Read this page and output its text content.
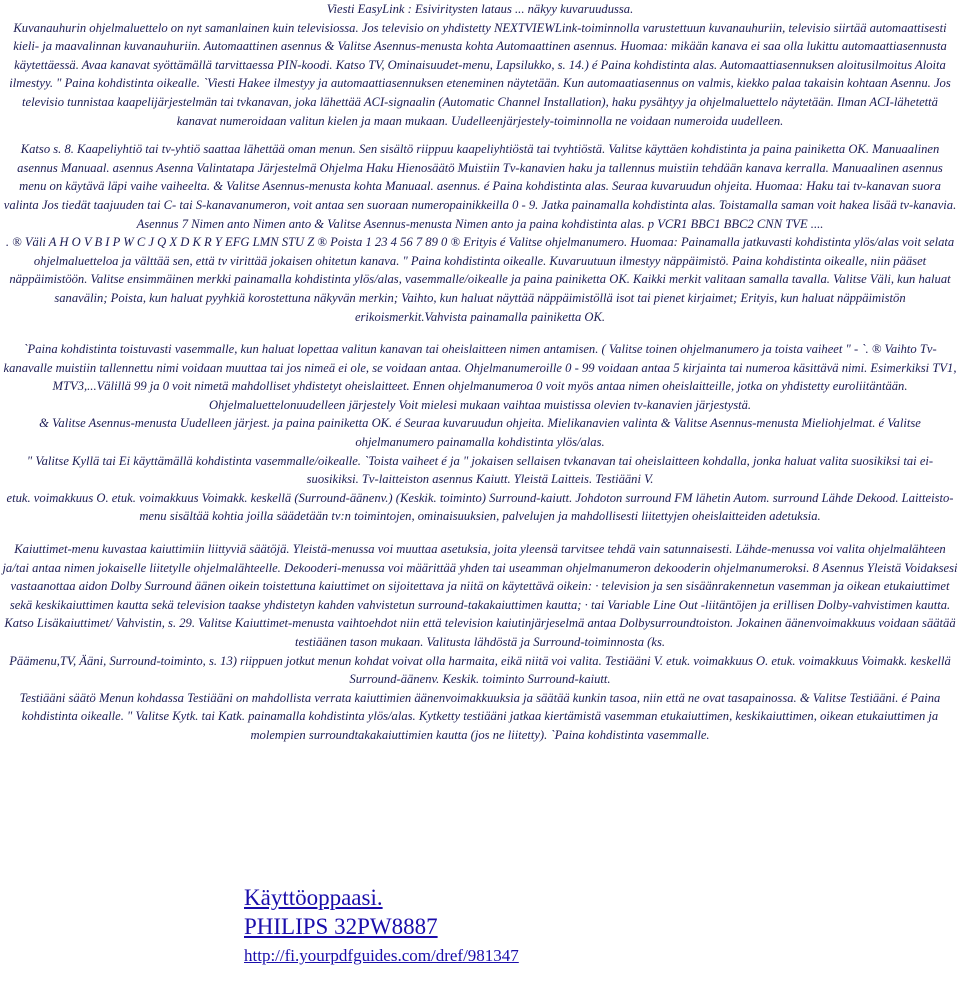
Viesti EasyLink : Esiviritysten lataus ... näkyy kuvaruudussa.

Kuvanauhurin ohjelmaluettelo on nyt samanlainen kuin televisiossa. Jos televisio on yhdistetty NEXTVIEWLink-toiminnolla varustettuun kuvanauhuriin, televisio siirtää automaattisesti kieli- ja maavalinnan kuvanauhuriin. Automaattinen asennus & Valitse Asennus-menusta kohta Automaattinen asennus. Huomaa: mikään kanava ei saa olla lukittu automaattiasennusta käytettäessä. Avaa kanavat syöttämällä tarvittaessa PIN-koodi. Katso TV, Ominaisuudet-menu, Lapsilukko, s. 14.) é Paina kohdistinta alas. Automaattiasennuksen aloitusilmoitus Aloita ilmestyy. " Paina kohdistinta oikealle. `Viesti Hakee ilmestyy ja automaattiasennuksen eteneminen näytetään. Kun automaatiasennus on valmis, kiekko palaa takaisin kohtaan Asennu. Jos televisio tunnistaa kaapelijärjestelmän tai tvkanavan, joka lähettää ACI-signaalin (Automatic Channel Installation), haku pysähtyy ja ohjelmaluettelo näytetään. Ilman ACI-lähetettä kanavat numeroidaan valitun kielen ja maan mukaan. Uudelleenjärjestely-toiminnolla ne voidaan numeroida uudelleen.

Katso s. 8. Kaapeliyhtiö tai tv-yhtiö saattaa lähettää oman menun. Sen sisältö riippuu kaapeliyhtiöstä tai tvyhtiöstä. Valitse käyttäen kohdistinta ja paina painiketta OK. Manuaalinen asennus Manuaal. asennus Asenna Valintatapa Järjestelmä Ohjelma Haku Hienosäätö Muistiin Tv-kanavien haku ja tallennus muistiin tehdään kanava kerralla. Manuaalinen asennus menu on käytävä läpi vaihe vaiheelta. & Valitse Asennus-menusta kohta Manuaal. asennus. é Paina kohdistinta alas. Seuraa kuvaruudun ohjeita. Huomaa: Haku tai tv-kanavan suora valinta Jos tiedät taajuuden tai C- tai S-kanavanumeron, voit antaa sen suoraan numeropainikkeilla 0 - 9. Jatka painamalla kohdistinta alas. Toistamalla saman voit hakea lisää tv-kanavia.

Asennus 7 Nimen anto Nimen anto & Valitse Asennus-menusta Nimen anto ja paina kohdistinta alas. p VCR1 BBC1 BBC2 CNN TVE ....

. ® Väli A H O V B I P W C J Q X D K R Y EFG LMN STU Z ® Poista 1 23 4 56 7 89 0 ® Erityis é Valitse ohjelmanumero. Huomaa: Painamalla jatkuvasti kohdistinta ylös/alas voit selata ohjelmaluetteloa ja välttää sen, että tv virittää jokaisen ohitetun kanava. " Paina kohdistinta oikealle. Kuvaruutuun ilmestyy näppäimistö. Paina kohdistinta oikealle, niin pääset näppäimistöön. Valitse ensimmäinen merkki painamalla kohdistinta ylös/alas, vasemmalle/oikealle ja paina painiketta OK. Kaikki merkit valitaan samalla tavalla. Valitse Väli, kun haluat sanavälin; Poista, kun haluat pyyhkiä korostettuna näkyvän merkin; Vaihto, kun haluat näyttää näppäimistöllä isot tai pienet kirjaimet; Erityis, kun haluat näppäimistön erikoismerkit.Vahvista painamalla painiketta OK.

`Paina kohdistinta toistuvasti vasemmalle, kun haluat lopettaa valitun kanavan tai oheislaitteen nimen antamisen. ( Valitse toinen ohjelmanumero ja toista vaiheet " - `. ® Vaihto Tv-kanavalle muistiin tallennettu nimi voidaan muuttaa tai jos nimeä ei ole, se voidaan antaa. Ohjelmanumeroille 0 - 99 voidaan antaa 5 kirjainta tai numeroa käsittävä nimi. Esimerkiksi TV1, MTV3,...Välillä 99 ja 0 voit nimetä mahdolliset yhdistetyt oheislaitteet. Ennen ohjelmanumeroa 0 voit myös antaa nimen oheislaitteille, jotka on yhdistetty euroliitäntään. Ohjelmaluettelonuudelleen järjestely Voit mielesi mukaan vaihtaa muistissa olevien tv-kanavien järjestystä.

& Valitse Asennus-menusta Uudelleen järjest. ja paina painiketta OK. é Seuraa kuvaruudun ohjeita. Mielikanavien valinta & Valitse Asennus-menusta Mieliohjelmat. é Valitse ohjelmanumero painamalla kohdistinta ylös/alas.

" Valitse Kyllä tai Ei käyttämällä kohdistinta vasemmalle/oikealle. `Toista vaiheet é ja " jokaisen sellaisen tvkanavan tai oheislaitteen kohdalla, jonka haluat valita suosikiksi tai ei-suosikiksi. Tv-laitteiston asennus Kaiutt. Yleistä Laitteis. Testiääni V.

etuk. voimakkuus O. etuk. voimakkuus Voimakk. keskellä (Surround-äänenv.) (Keskik. toiminto) Surround-kaiutt. Johdoton surround FM lähetin Autom. surround Lähde Dekood. Laitteisto-menu sisältää kohtia joilla säädetään tv:n toimintojen, ominaisuuksien, palvelujen ja mahdollisesti liitettyjen oheislaitteiden adetuksia.

Kaiuttimet-menu kuvastaa kaiuttimiin liittyviä säätöjä. Yleistä-menussa voi muuttaa asetuksia, joita yleensä tarvitsee tehdä vain satunnaisesti. Lähde-menussa voi valita ohjelmalähteen ja/tai antaa nimen jokaiselle liitetylle ohjelmalähteelle. Dekooderi-menussa voi määrittää yhden tai useamman ohjelmanumeron dekooderin ohjelmanumeroksi. 8 Asennus Yleistä Voidaksesi vastaanottaa aidon Dolby Surround äänen oikein toistettuna kaiuttimet on sijoitettava ja niitä on käytettävä oikein: · television ja sen sisäänrakennetun vasemman ja oikean etukaiuttimet sekä keskikaiuttimen kautta sekä television taakse yhdistetyn kahden vahvistetun surround-takakaiuttimen kautta; · tai Variable Line Out -liitäntöjen ja erillisen Dolby-vahvistimen kautta. Katso Lisäkaiuttimet/ Vahvistin, s. 29. Valitse Kaiuttimet-menusta vaihtoehdot niin että television kaiutinjärjeselmä antaa Dolbysurroundtoiston. Jokainen äänenvoimakkuus voidaan säätää testiäänen tason mukaan. Valitusta lähdöstä ja Surround-toiminnosta (ks.

Päämenu,TV, Ääni, Surround-toiminto, s. 13) riippuen jotkut menun kohdat voivat olla harmaita, eikä niitä voi valita. Testiääni V. etuk. voimakkuus O. etuk. voimakkuus Voimakk. keskellä Surround-äänenv. Keskik. toiminto Surround-kaiutt.

Testiääni säätö Menun kohdassa Testiääni on mahdollista verrata kaiuttimien äänenvoimakkuuksia ja säätää kunkin tasoa, niin että ne ovat tasapainossa. & Valitse Testiääni. é Paina kohdistinta oikealle. " Valitse Kytk. tai Katk. painamalla kohdistinta ylös/alas. Kytketty testiääni jatkaa kiertämistä vasemman etukaiuttimen, keskikaiuttimen, oikean etukaiuttimen ja molempien surroundtakakaiuttimien kautta (jos ne liitetty). `Paina kohdistinta vasemmalle.

Käyttöoppaasi.
PHILIPS 32PW8887
http://fi.yourpdfguides.com/dref/981347
